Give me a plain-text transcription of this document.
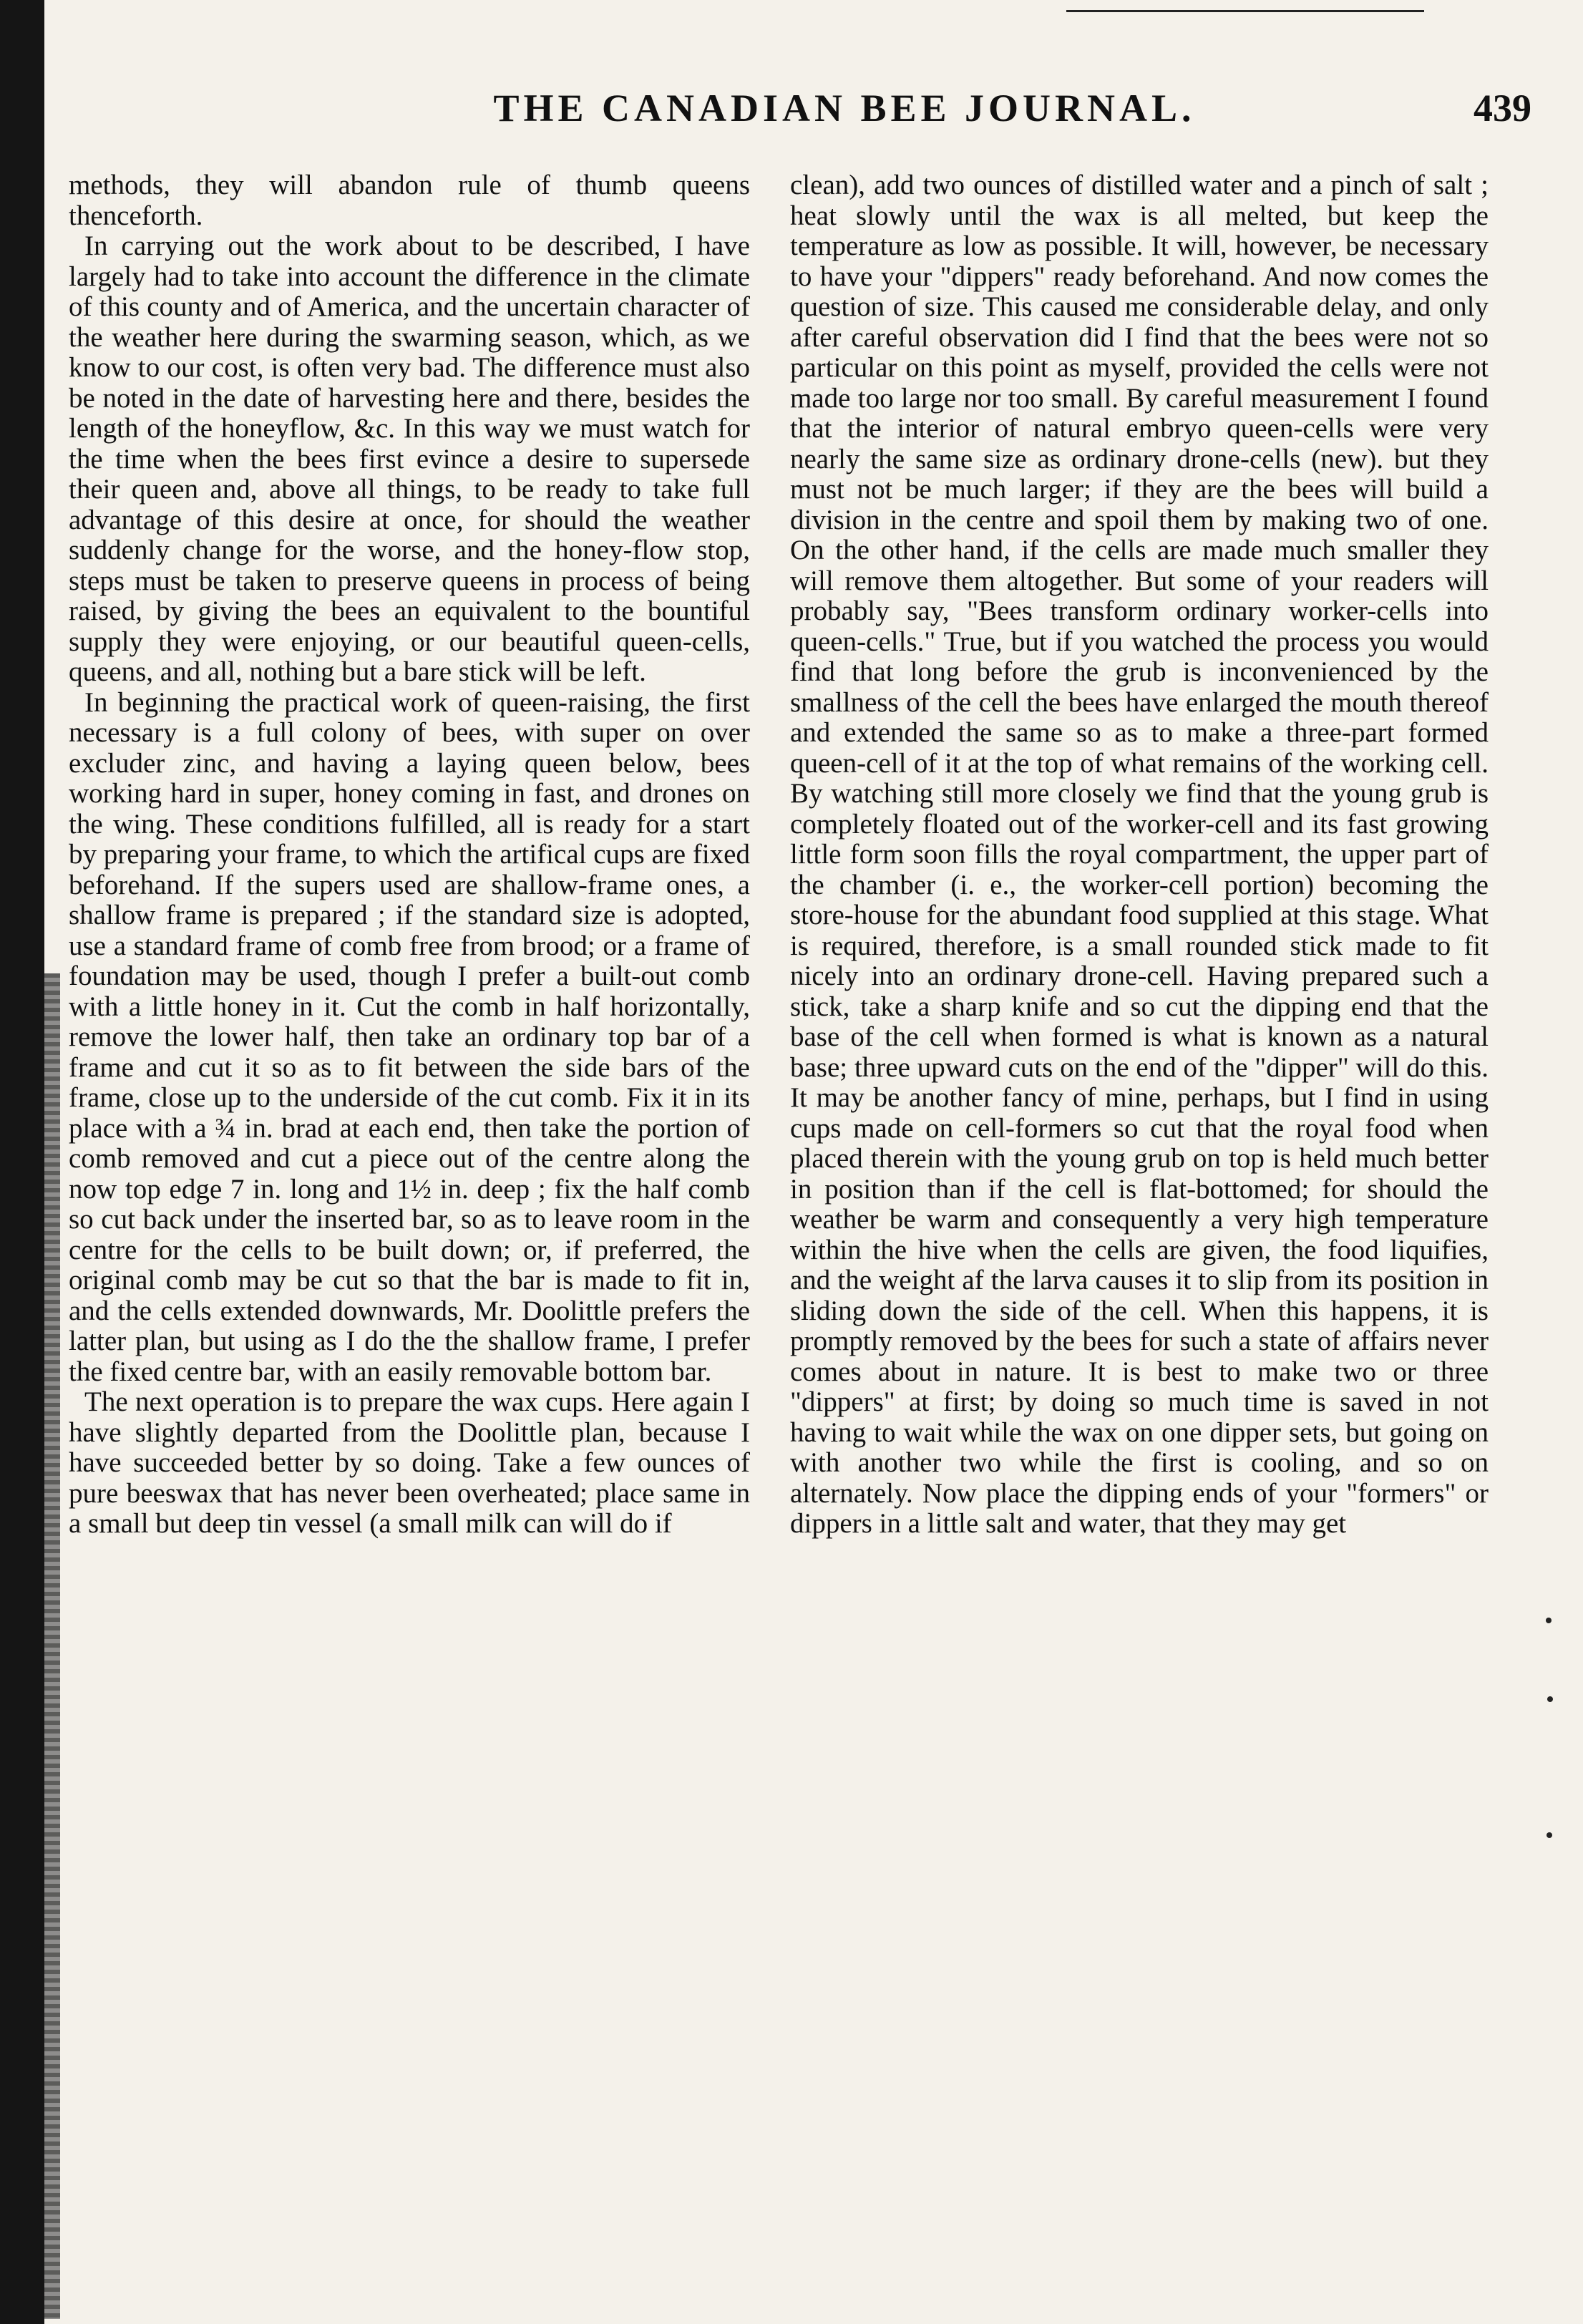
THE CANADIAN BEE JOURNAL.	439

methods, they will abandon rule of thumb queens thenceforth.

In carrying out the work about to be described, I have largely had to take into account the difference in the climate of this county and of America, and the uncertain character of the weather here during the swarming season, which, as we know to our cost, is often very bad. The difference must also be noted in the date of harvesting here and there, besides the length of the honeyflow, &c. In this way we must watch for the time when the bees first evince a desire to supersede their queen and, above all things, to be ready to take full advantage of this desire at once, for should the weather suddenly change for the worse, and the honey-flow stop, steps must be taken to preserve queens in process of being raised, by giving the bees an equivalent to the bountiful supply they were enjoying, or our beautiful queen-cells, queens, and all, nothing but a bare stick will be left.

In beginning the practical work of queen-raising, the first necessary is a full colony of bees, with super on over excluder zinc, and having a laying queen below, bees working hard in super, honey coming in fast, and drones on the wing. These conditions fulfilled, all is ready for a start by preparing your frame, to which the artifical cups are fixed beforehand. If the supers used are shallow-frame ones, a shallow frame is prepared ; if the standard size is adopted, use a standard frame of comb free from brood; or a frame of foundation may be used, though I prefer a built-out comb with a little honey in it. Cut the comb in half horizontally, remove the lower half, then take an ordinary top bar of a frame and cut it so as to fit between the side bars of the frame, close up to the underside of the cut comb. Fix it in its place with a ¾ in. brad at each end, then take the portion of comb removed and cut a piece out of the centre along the now top edge 7 in. long and 1½ in. deep ; fix the half comb so cut back under the inserted bar, so as to leave room in the centre for the cells to be built down; or, if preferred, the original comb may be cut so that the bar is made to fit in, and the cells extended downwards, Mr. Doolittle prefers the latter plan, but using as I do the the shallow frame, I prefer the fixed centre bar, with an easily removable bottom bar.

The next operation is to prepare the wax cups. Here again I have slightly departed from the Doolittle plan, because I have succeeded better by so doing. Take a few ounces of pure beeswax that has never been overheated; place same in a small but deep tin vessel (a small milk can will do if

clean), add two ounces of distilled water and a pinch of salt ; heat slowly until the wax is all melted, but keep the temperature as low as possible. It will, however, be necessary to have your "dippers" ready beforehand. And now comes the question of size. This caused me considerable delay, and only after careful observation did I find that the bees were not so particular on this point as myself, provided the cells were not made too large nor too small. By careful measurement I found that the interior of natural embryo queen-cells were very nearly the same size as ordinary drone-cells (new). but they must not be much larger; if they are the bees will build a division in the centre and spoil them by making two of one. On the other hand, if the cells are made much smaller they will remove them altogether. But some of your readers will probably say, "Bees transform ordinary worker-cells into queen-cells." True, but if you watched the process you would find that long before the grub is inconvenienced by the smallness of the cell the bees have enlarged the mouth thereof and extended the same so as to make a three-part formed queen-cell of it at the top of what remains of the working cell. By watching still more closely we find that the young grub is completely floated out of the worker-cell and its fast growing little form soon fills the royal compartment, the upper part of the chamber (i. e., the worker-cell portion) becoming the store-house for the abundant food supplied at this stage. What is required, therefore, is a small rounded stick made to fit nicely into an ordinary drone-cell. Having prepared such a stick, take a sharp knife and so cut the dipping end that the base of the cell when formed is what is known as a natural base; three upward cuts on the end of the "dipper" will do this. It may be another fancy of mine, perhaps, but I find in using cups made on cell-formers so cut that the royal food when placed therein with the young grub on top is held much better in position than if the cell is flat-bottomed; for should the weather be warm and consequently a very high temperature within the hive when the cells are given, the food liquifies, and the weight af the larva causes it to slip from its position in sliding down the side of the cell. When this happens, it is promptly removed by the bees for such a state of affairs never comes about in nature. It is best to make two or three "dippers" at first; by doing so much time is saved in not having to wait while the wax on one dipper sets, but going on with another two while the first is cooling, and so on alternately. Now place the dipping ends of your "formers" or dippers in a little salt and water, that they may get
